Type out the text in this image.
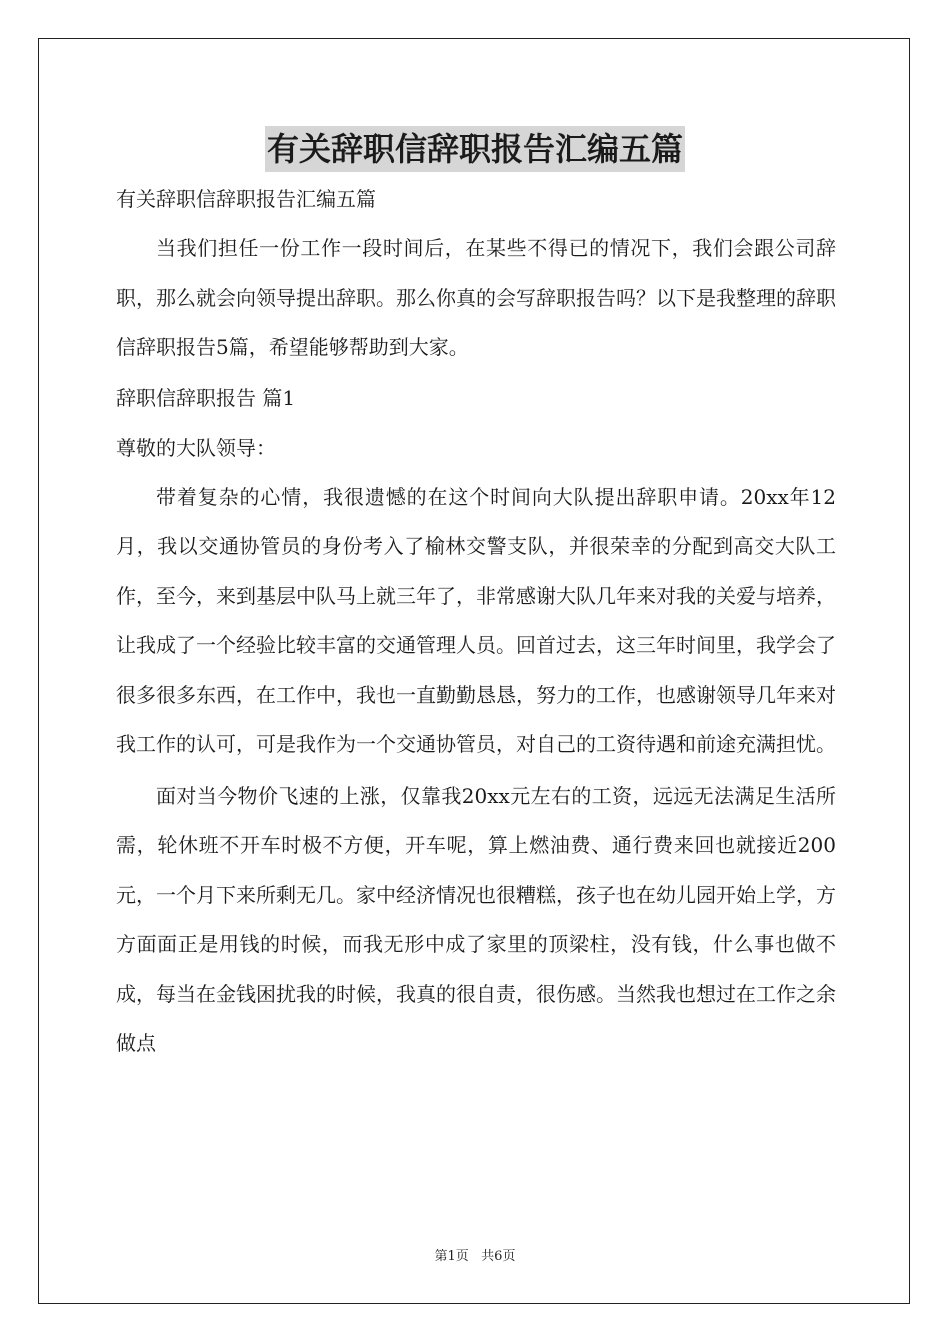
有关辞职信辞职报告汇编五篇
有关辞职信辞职报告汇编五篇

当我们担任一份工作一段时间后，在某些不得已的情况下，我们会跟公司辞职，那么就会向领导提出辞职。那么你真的会写辞职报告吗？以下是我整理的辞职信辞职报告5篇，希望能够帮助到大家。

辞职信辞职报告 篇1
尊敬的大队领导：

带着复杂的心情，我很遗憾的在这个时间向大队提出辞职申请。20xx年12月，我以交通协管员的身份考入了榆林交警支队，并很荣幸的分配到高交大队工作，至今，来到基层中队马上就三年了，非常感谢大队几年来对我的关爱与培养，让我成了一个经验比较丰富的交通管理人员。回首过去，这三年时间里，我学会了很多很多东西，在工作中，我也一直勤勤恳恳，努力的工作，也感谢领导几年来对我工作的认可，可是我作为一个交通协管员，对自己的工资待遇和前途充满担忧。

面对当今物价飞速的上涨，仅靠我20xx元左右的工资，远远无法满足生活所需，轮休班不开车时极不方便，开车呢，算上燃油费、通行费来回也就接近200元，一个月下来所剩无几。家中经济情况也很糟糕，孩子也在幼儿园开始上学，方方面面正是用钱的时候，而我无形中成了家里的顶梁柱，没有钱，什么事也做不成，每当在金钱困扰我的时候，我真的很自责，很伤感。当然我也想过在工作之余做点

第1页   共6页
